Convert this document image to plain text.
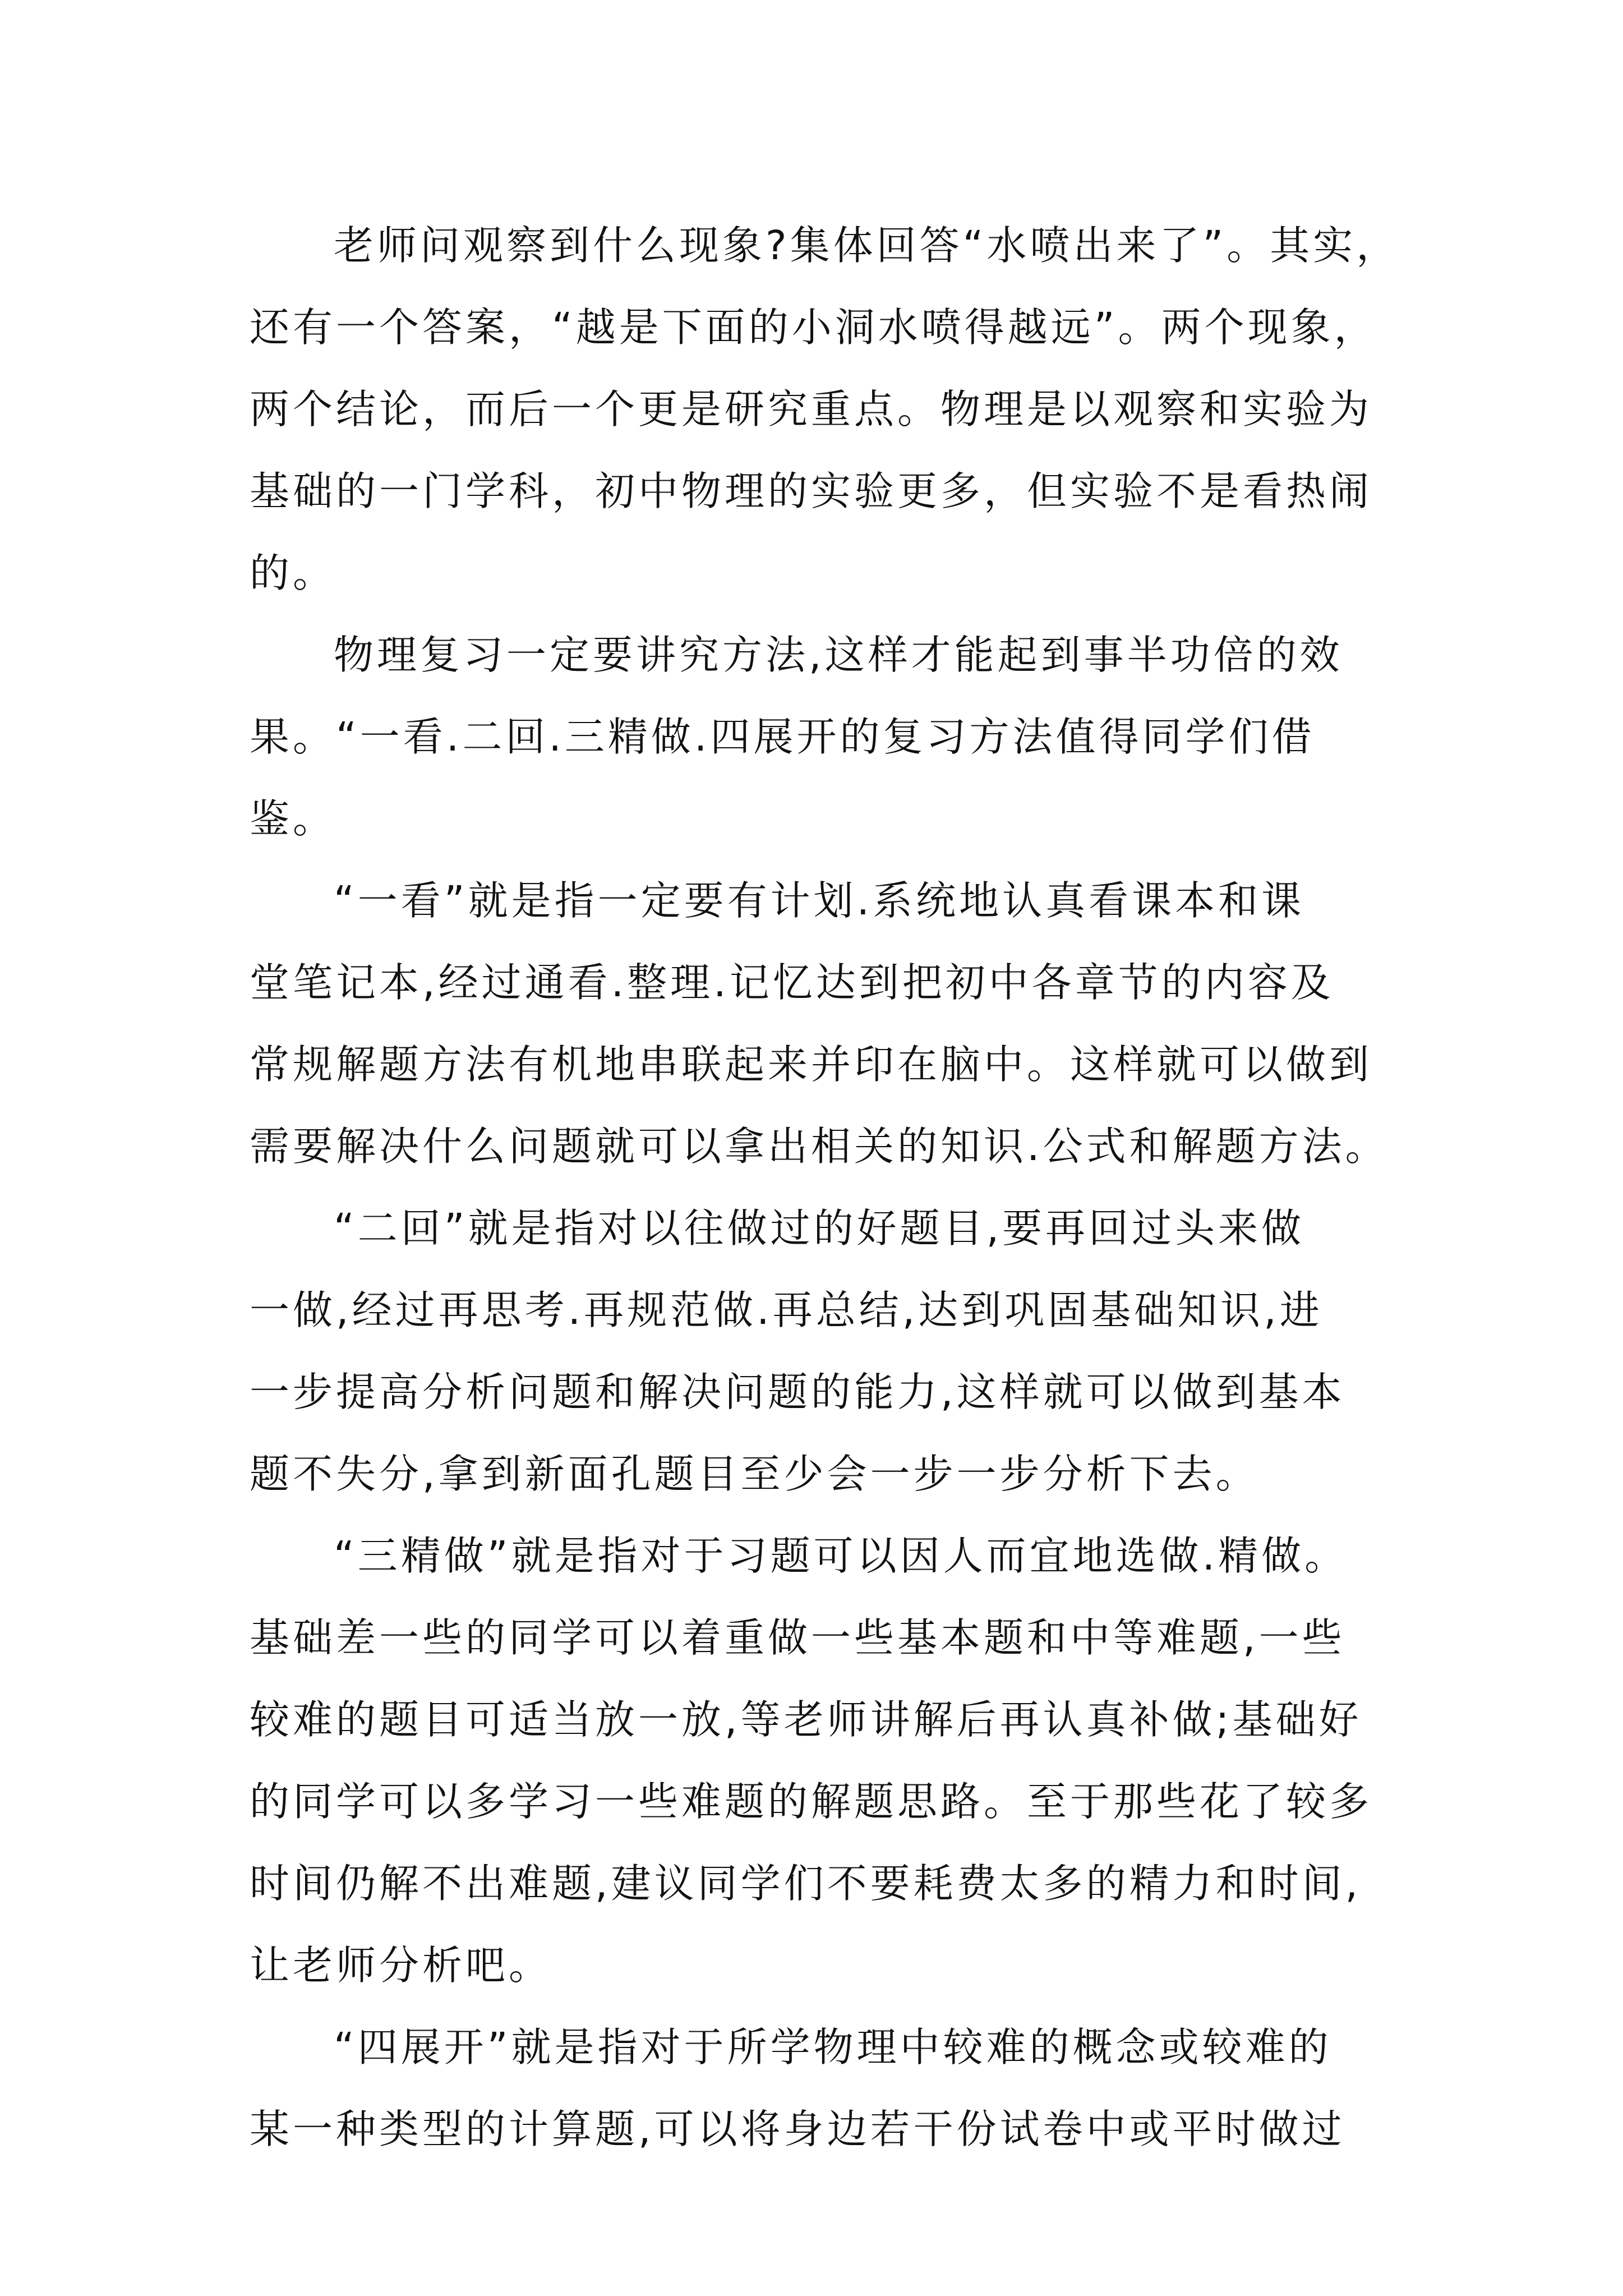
老师问观察到什么现象?集体回答“水喷出来了”。其实，
还有一个答案，“越是下面的小洞水喷得越远”。两个现象，
两个结论，而后一个更是研究重点。物理是以观察和实验为
基础的一门学科，初中物理的实验更多，但实验不是看热闹
的。
物理复习一定要讲究方法,这样才能起到事半功倍的效
果。“一看.二回.三精做.四展开的复习方法值得同学们借
鉴。
“一看”就是指一定要有计划.系统地认真看课本和课
堂笔记本,经过通看.整理.记忆达到把初中各章节的内容及
常规解题方法有机地串联起来并印在脑中。这样就可以做到
需要解决什么问题就可以拿出相关的知识.公式和解题方法。
“二回”就是指对以往做过的好题目,要再回过头来做
一做,经过再思考.再规范做.再总结,达到巩固基础知识,进
一步提高分析问题和解决问题的能力,这样就可以做到基本
题不失分,拿到新面孔题目至少会一步一步分析下去。
“三精做”就是指对于习题可以因人而宜地选做.精做。
基础差一些的同学可以着重做一些基本题和中等难题,一些
较难的题目可适当放一放,等老师讲解后再认真补做;基础好
的同学可以多学习一些难题的解题思路。至于那些花了较多
时间仍解不出难题,建议同学们不要耗费太多的精力和时间,
让老师分析吧。
“四展开”就是指对于所学物理中较难的概念或较难的
某一种类型的计算题,可以将身边若干份试卷中或平时做过
